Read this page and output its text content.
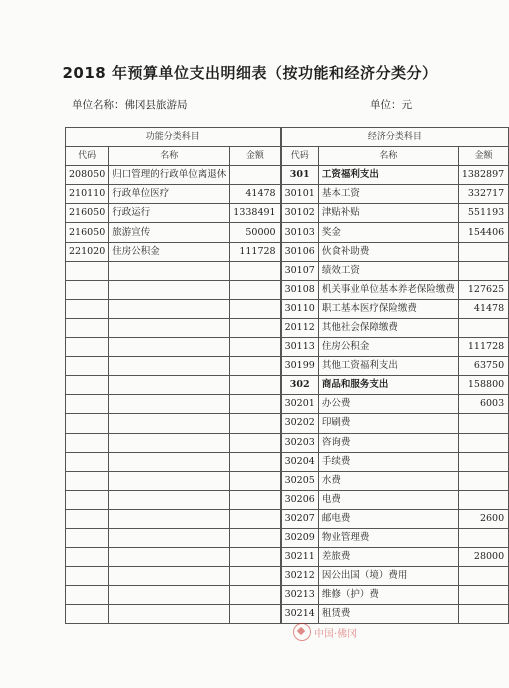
2018 年预算单位支出明细表（按功能和经济分类分）
单位名称：佛冈县旅游局	单位：元
功能分类科目			经济分类科目		
代码	名称	金额		代码	名称	金额
208050	归口管理的行政单位离退休			301	工资福利支出	1382897
210110	行政单位医疗	41478		30101	基本工资	332717
216050	行政运行	1338491		30102	津贴补贴	551193
216050	旅游宣传	50000		30103	奖金	154406
221020	住房公积金	111728		30106	伙食补助费	
				30107	绩效工资	
				30108	机关事业单位基本养老保险缴费	127625
				30110	职工基本医疗保险缴费	41478
				20112	其他社会保障缴费	
				30113	住房公积金	111728
				30199	其他工资福利支出	63750
				302	商品和服务支出	158800
				30201	办公费	6003
				30202	印刷费	
				30203	咨询费	
				30204	手续费	
				30205	水费	
				30206	电费	
				30207	邮电费	2600
				30209	物业管理费	
				30211	差旅费	28000
				30212	因公出国（境）费用	
				30213	维修（护）费	
				30214	租赁费	
中国·佛冈
